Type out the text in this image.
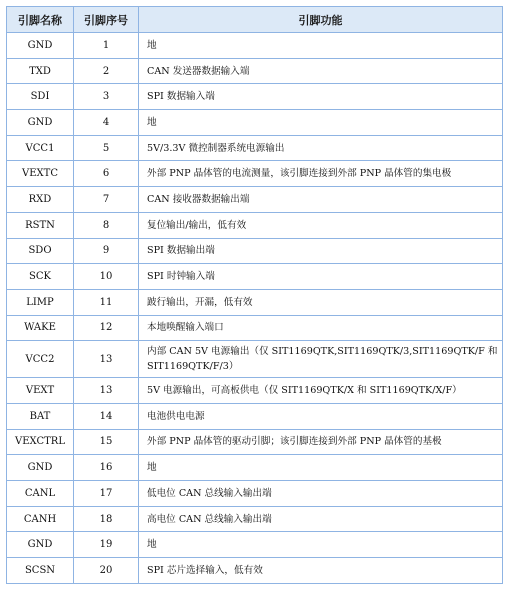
引脚名称	引脚序号	引脚功能
GND	1	地
TXD	2	CAN 发送器数据输入端
SDI	3	SPI 数据输入端
GND	4	地
VCC1	5	5V/3.3V 微控制器系统电源输出
VEXTC	6	外部 PNP 晶体管的电流测量，该引脚连接到外部 PNP 晶体管的集电极
RXD	7	CAN 接收器数据输出端
RSTN	8	复位输出/输出，低有效
SDO	9	SPI 数据输出端
SCK	10	SPI 时钟输入端
LIMP	11	跛行输出，开漏，低有效
WAKE	12	本地唤醒输入端口
VCC2	13	内部 CAN 5V 电源输出（仅 SIT1169QTK,SIT1169QTK/3,SIT1169QTK/F 和 SIT1169QTK/F/3）
VEXT	13	5V 电源输出，可高板供电（仅 SIT1169QTK/X 和 SIT1169QTK/X/F）
BAT	14	电池供电电源
VEXCTRL	15	外部 PNP 晶体管的驱动引脚；该引脚连接到外部 PNP 晶体管的基极
GND	16	地
CANL	17	低电位 CAN 总线输入输出端
CANH	18	高电位 CAN 总线输入输出端
GND	19	地
SCSN	20	SPI 芯片选择输入，低有效
